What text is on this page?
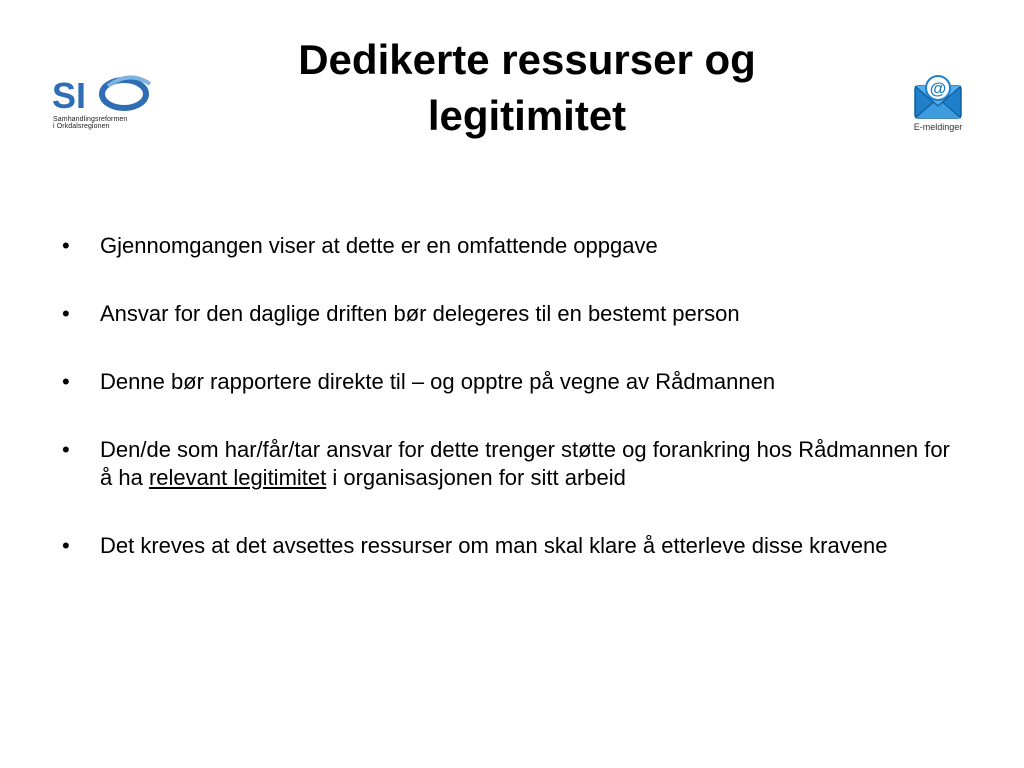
SI
Samhandlingsreformen
i Orkdalsregionen
Dedikerte ressurser og
legitimitet
@
E-meldinger
•	Gjennomgangen viser at dette er en omfattende oppgave
•	Ansvar for den daglige driften bør delegeres til en bestemt person
•	Denne bør rapportere direkte til – og opptre på vegne av Rådmannen
•	Den/de som har/får/tar ansvar for dette trenger støtte og forankring hos Rådmannen for å ha relevant legitimitet i organisasjonen for sitt arbeid
•	Det kreves at det avsettes ressurser om man skal klare å etterleve disse kravene
